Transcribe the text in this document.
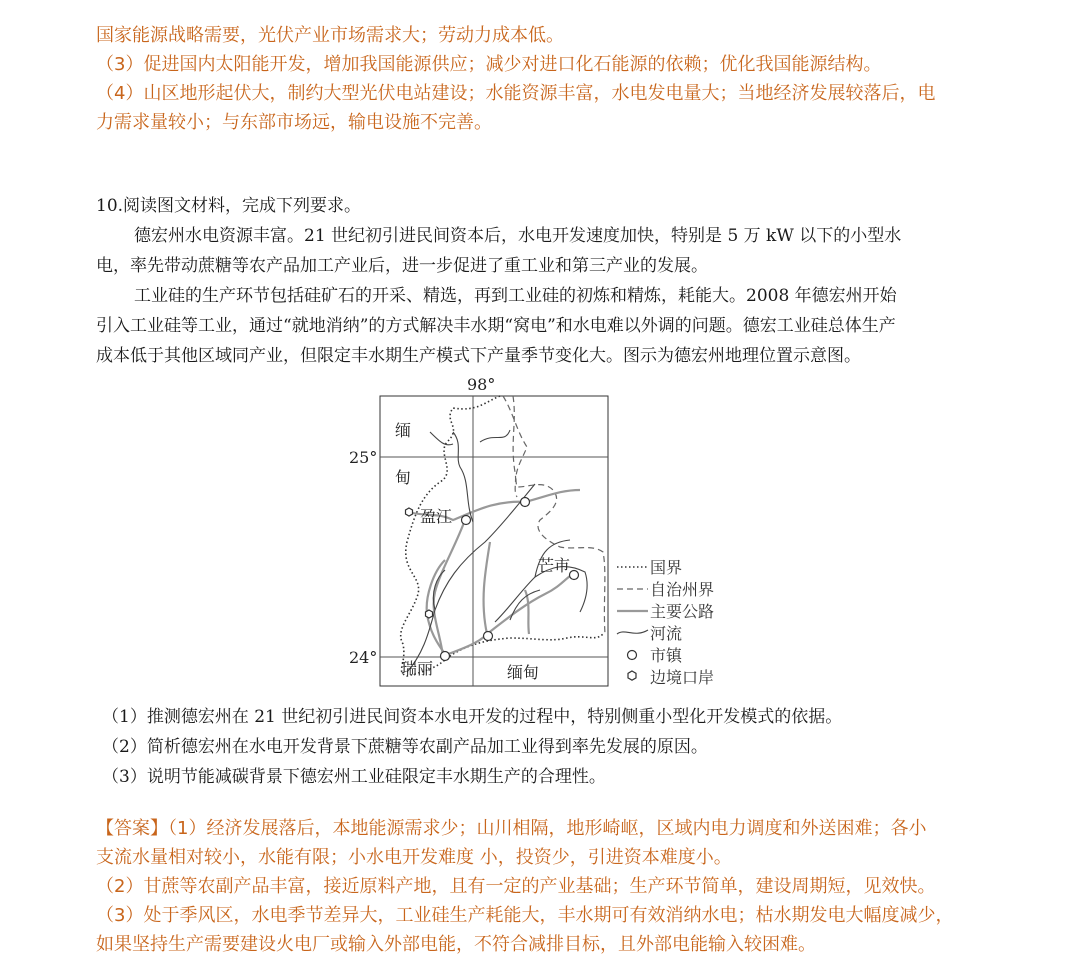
国家能源战略需要，光伏产业市场需求大；劳动力成本低。
（3）促进国内太阳能开发，增加我国能源供应；减少对进口化石能源的依赖；优化我国能源结构。
（4）山区地形起伏大，制约大型光伏电站建设；水能资源丰富，水电发电量大；当地经济发展较落后，电
力需求量较小；与东部市场远，输电设施不完善。
10.阅读图文材料，完成下列要求。
德宏州水电资源丰富。21 世纪初引进民间资本后，水电开发速度加快，特别是 5 万 kW 以下的小型水
电，率先带动蔗糖等农产品加工产业后，进一步促进了重工业和第三产业的发展。
工业硅的生产环节包括硅矿石的开采、精选，再到工业硅的初炼和精炼，耗能大。2008 年德宏州开始
引入工业硅等工业，通过“就地消纳”的方式解决丰水期“窝电”和水电难以外调的问题。德宏工业硅总体生产
成本低于其他区域同产业，但限定丰水期生产模式下产量季节变化大。图示为德宏州地理位置示意图。
98°
25°
24°
缅
甸
缅甸
盈江
芒市
瑞丽
国界
自治州界
主要公路
河流
市镇
边境口岸
（1）推测德宏州在 21 世纪初引进民间资本水电开发的过程中，特别侧重小型化开发模式的依据。
（2）简析德宏州在水电开发背景下蔗糖等农副产品加工业得到率先发展的原因。
（3）说明节能减碳背景下德宏州工业硅限定丰水期生产的合理性。
【答案】（1）经济发展落后，本地能源需求少；山川相隔，地形崎岖，区域内电力调度和外送困难；各小
支流水量相对较小，水能有限；小水电开发难度 小，投资少，引进资本难度小。
（2）甘蔗等农副产品丰富，接近原料产地，且有一定的产业基础；生产环节简单，建设周期短，见效快。
（3）处于季风区，水电季节差异大，工业硅生产耗能大，丰水期可有效消纳水电；枯水期发电大幅度减少，
如果坚持生产需要建设火电厂或输入外部电能，不符合减排目标，且外部电能输入较困难。
